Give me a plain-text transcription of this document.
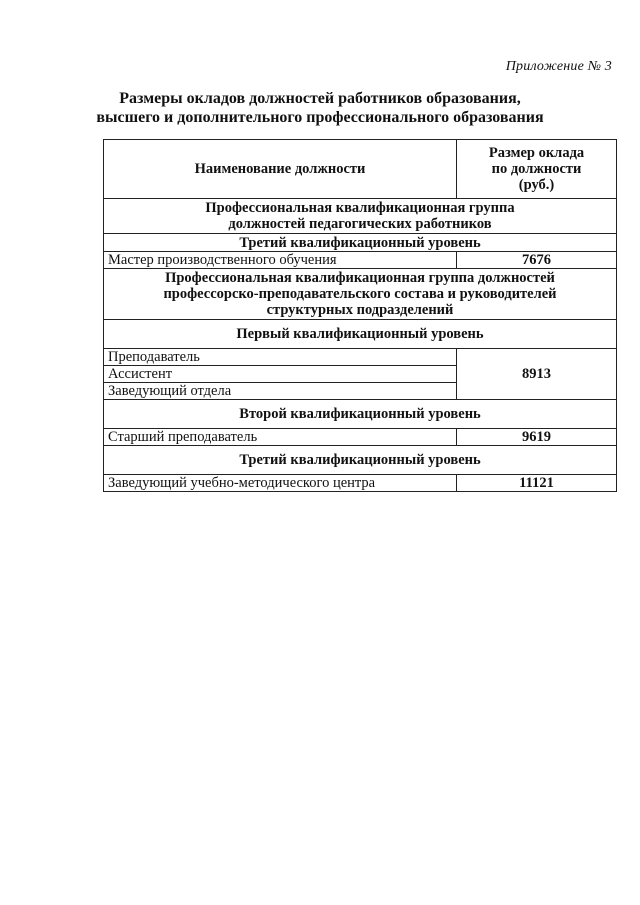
Приложение № 3
Размеры окладов должностей работников образования,
высшего и дополнительного профессионального образования
Наименование должности	Размер оклада
по должности
(руб.)

Профессиональная квалификационная группа
должностей педагогических работников	

Третий квалификационный уровень	
Мастер производственного обучения	7676

Профессиональная квалификационная группа должностей
профессорско-преподавательского состава и руководителей
структурных подразделений	

Первый квалификационный уровень	
Преподаватель	8913
Ассистент	
Заведующий отдела	
Второй квалификационный уровень	
Старший преподаватель	9619
Третий квалификационный уровень	
Заведующий учебно-методического центра	11121
